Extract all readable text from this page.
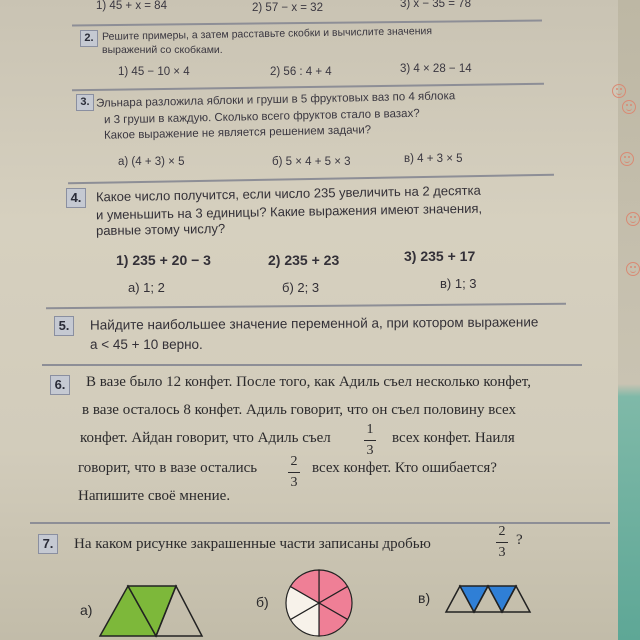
1) 45 + x = 84	2) 57 − x = 32	3) x − 35 = 78
2. Решите примеры, а затем расставьте скобки и вычислите значения
выражений со скобками.
1) 45 − 10 × 4	2) 56 : 4 + 4	3) 4 × 28 − 14
3. Эльнара разложила яблоки и груши в 5 фруктовых ваз по 4 яблока
и 3 груши в каждую. Сколько всего фруктов стало в вазах?
Какое выражение не является решением задачи?
а) (4 + 3) × 5	б) 5 × 4 + 5 × 3	в) 4 + 3 × 5
4.	Какое число получится, если число 235 увеличить на 2 десятка
и уменьшить на 3 единицы? Какие выражения имеют значения,
равные этому числу?
1) 235 + 20 − 3	2) 235 + 23	3) 235 + 17
а) 1; 2	б) 2; 3	в) 1; 3
5.	Найдите наибольшее значение переменной a, при котором выражение
a < 45 + 10 верно.
6.	В вазе было 12 конфет. После того, как Адиль съел несколько конфет,
в вазе осталось 8 конфет. Адиль говорит, что он съел половину всех
конфет. Айдан говорит, что Адиль съел
1
3
всех конфет. Наиля
говорит, что в вазе остались 2
3
всех конфет. Кто ошибается?
Напишите своё мнение.
7.	На каком рисунке закрашенные части записаны дробью
2
3
?
а)	б)	в)
